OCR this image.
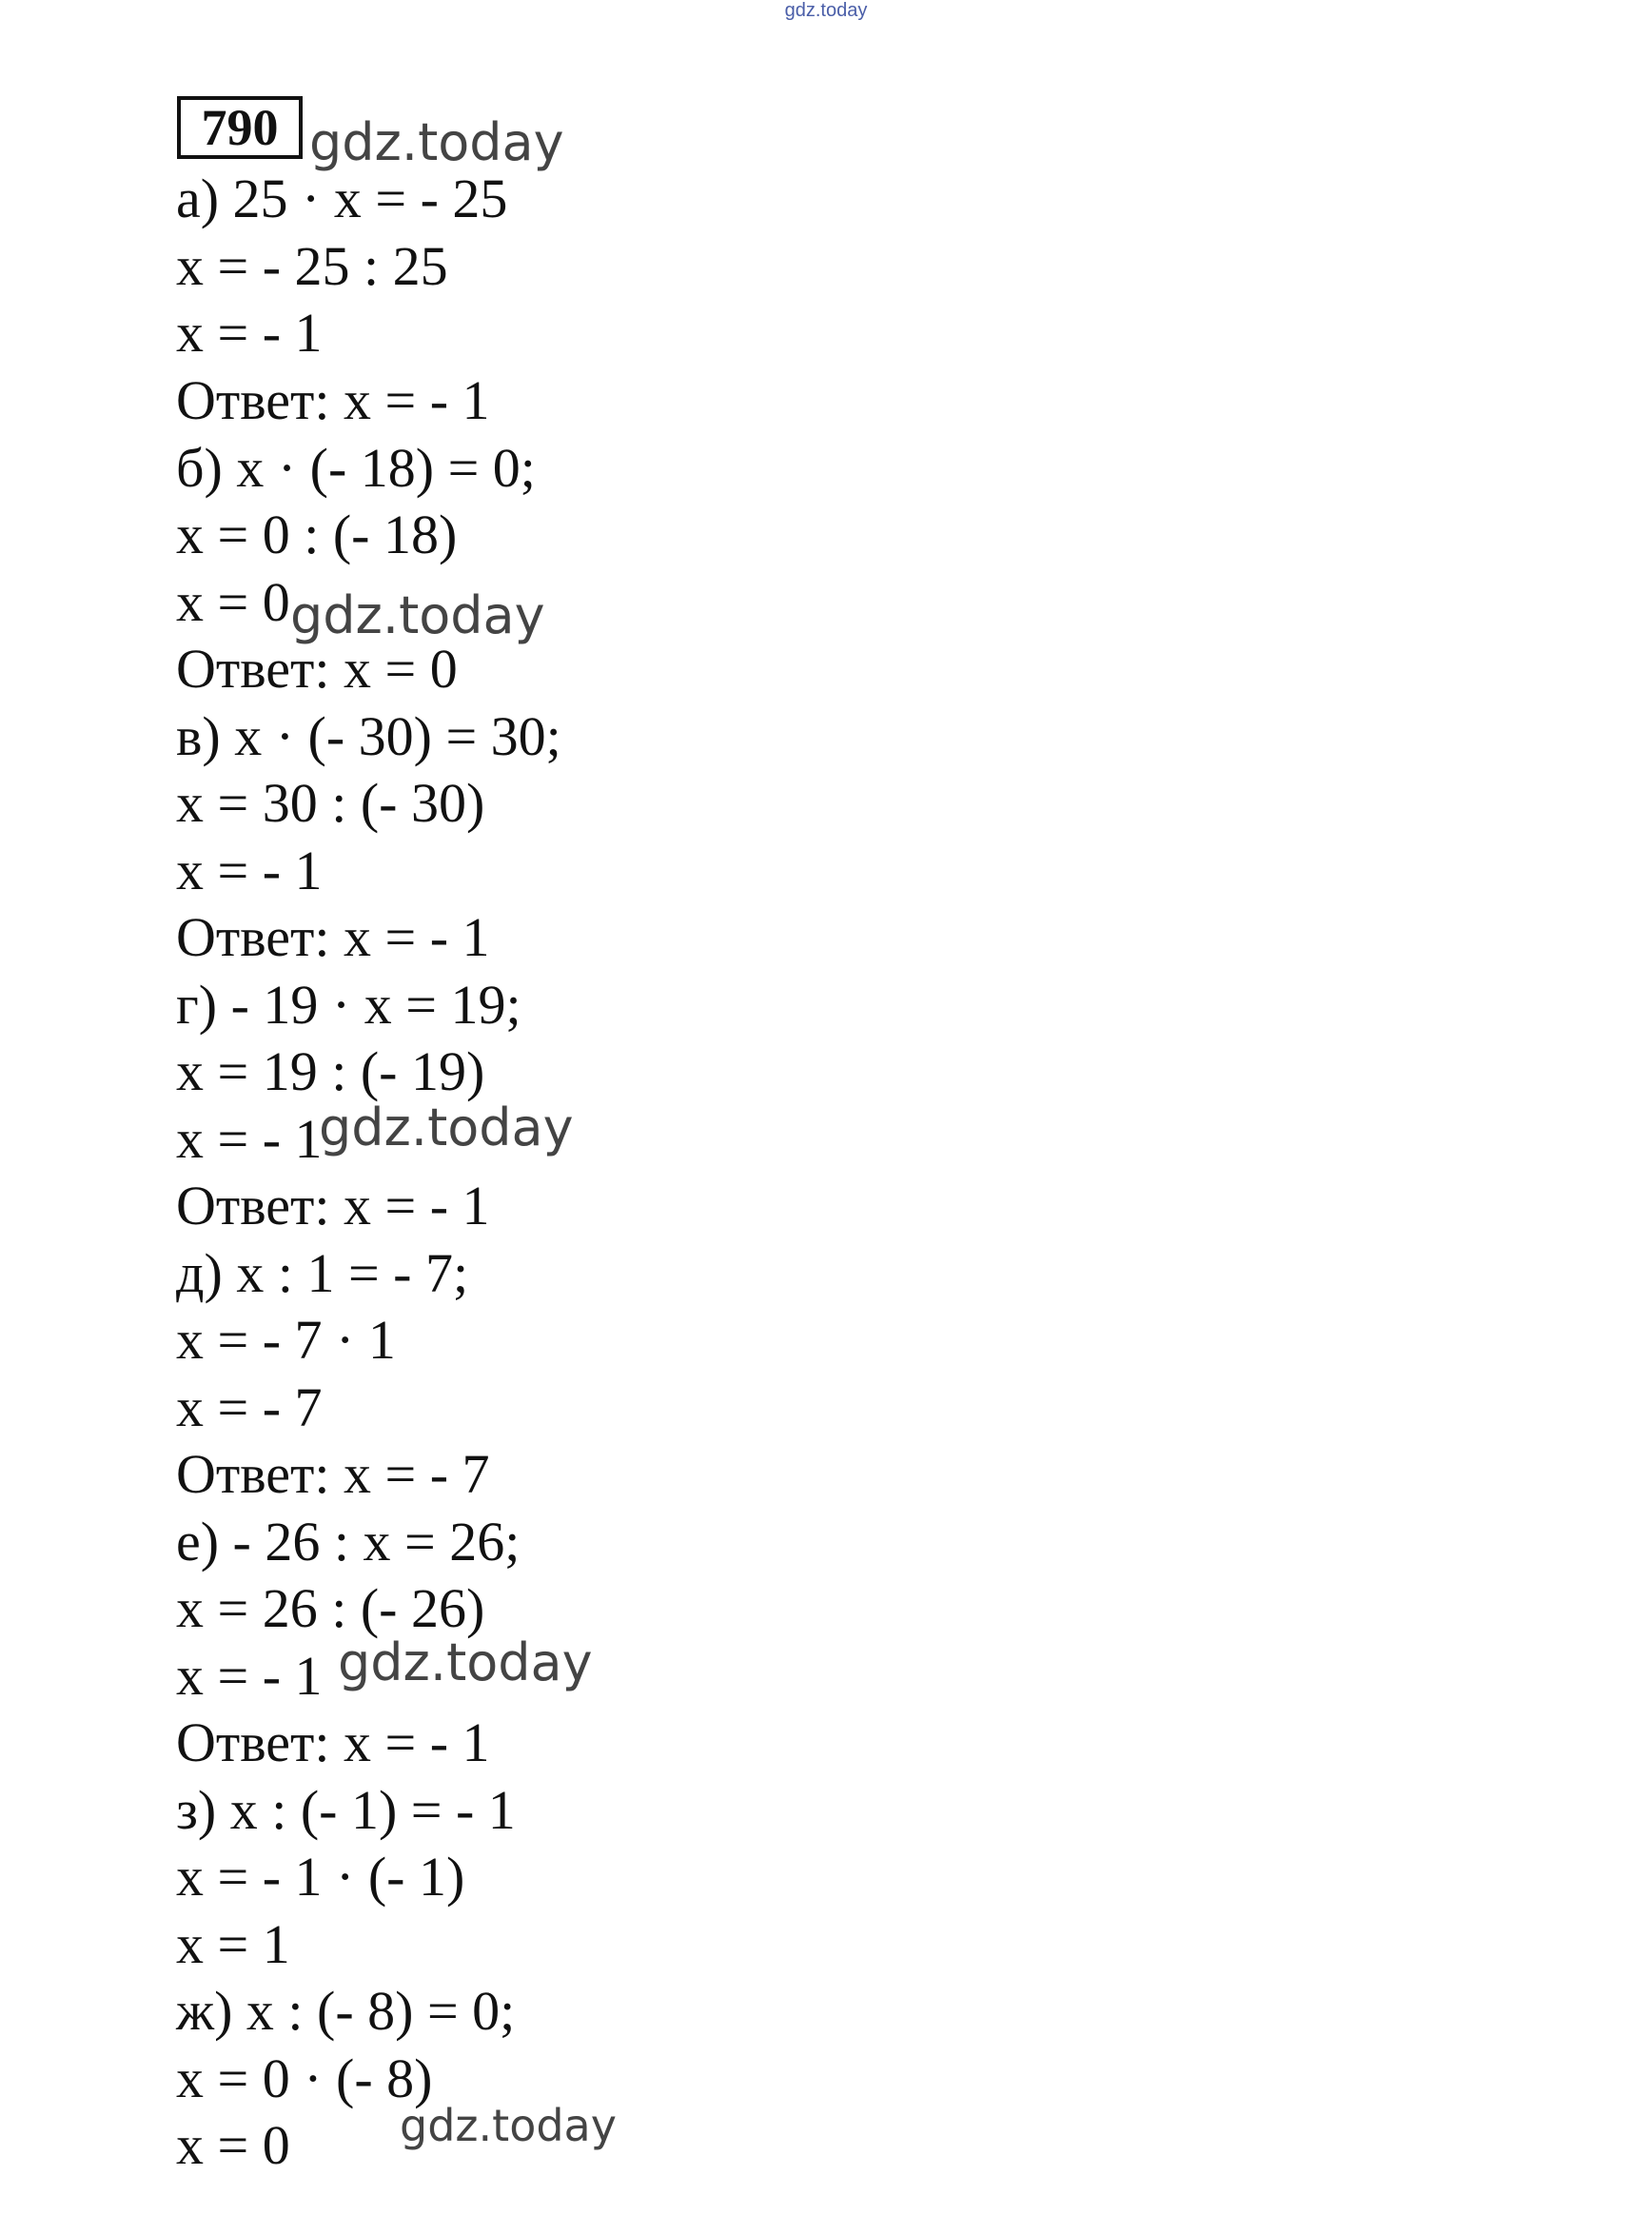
gdz.today
790
а) 25 · x = - 25
x = - 25 : 25
x = - 1
Ответ: x = - 1
б) x · (- 18) = 0;
x = 0 : (- 18)
x = 0
Ответ: x = 0
в) x · (- 30) = 30;
x = 30 : (- 30)
x = - 1
Ответ: x = - 1
г) - 19 · x = 19;
x = 19 : (- 19)
x = - 1
Ответ: x = - 1
д) x : 1 = - 7;
x = - 7 · 1
x = - 7
Ответ: x = - 7
е) - 26 : x = 26;
x = 26 : (- 26)
x = - 1
Ответ: x = - 1
з) x : (- 1) = - 1
x = - 1 · (- 1)
x = 1
ж) x : (- 8) = 0;
x = 0 · (- 8)
x = 0
gdz.today
gdz.today
gdz.today
gdz.today
gdz.today
